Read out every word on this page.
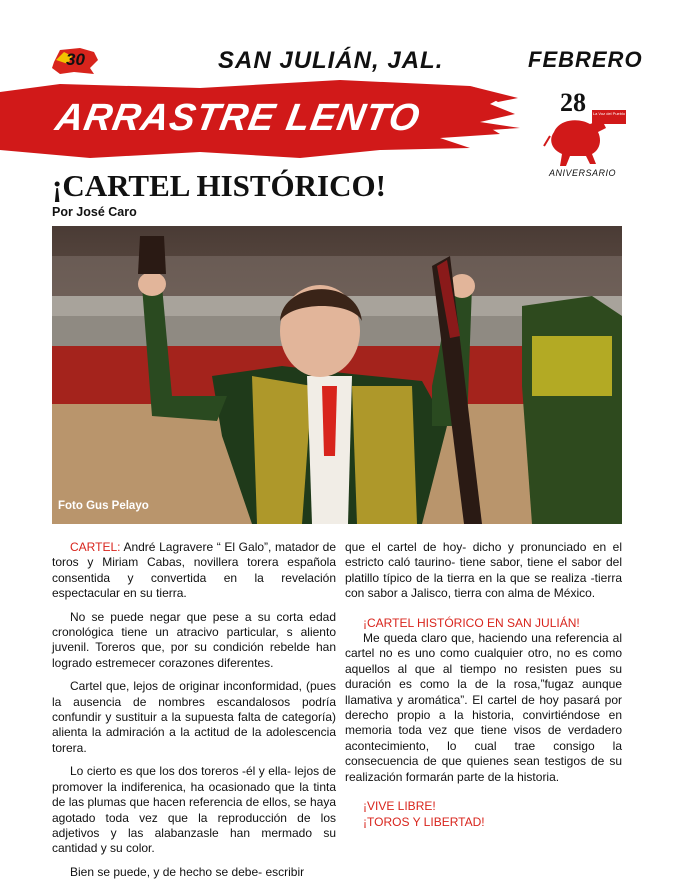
30	SAN JULIÁN, JAL.	FEBRERO
ARRASTRE LENTO	28 La Voz del Pueblo
ANIVERSARIO
¡CARTEL HISTÓRICO!
Por José Caro
Foto Gus Pelayo

CARTEL: André Lagravere “ El Galo”, matador de toros y Miriam Cabas, novillera torera española consentida y convertida en la revelación espectacular en su tierra.

No se puede negar que pese a su corta edad cronológica tiene un atracivo particular, s aliento juvenil. Toreros que, por su condición rebelde han logrado estremecer corazones diferentes.

Cartel que, lejos de originar inconformidad, (pues la ausencia de nombres escandalosos podría confundir y sustituir a la supuesta falta de categoría) alienta la admiración a la actitud de la adolescencia torera.

Lo cierto es que los dos toreros -él y ella- lejos de promover la indiferenica, ha ocasionado que la tinta de las plumas que hacen referencia de ellos, se haya agotado toda vez que la reproducción de los adjetivos y las alabanzasle han mermado su cantidad y su color.

Bien se puede, y de hecho se debe- escribir

que el cartel de hoy- dicho y pronunciado en el estricto caló taurino- tiene sabor, tiene el sabor del platillo típico de la tierra en la que se realiza -tierra con sabor a Jalisco, tierra con alma de México.

¡CARTEL HISTÓRICO EN SAN JULIÁN!

Me queda claro que, haciendo una referencia al cartel no es uno como cualquier otro, no es como aquellos al que al tiempo no resisten pues su duración es como la de la rosa,”fugaz aunque llamativa y aromática”. El cartel de hoy pasará por derecho propio a la historia, convirtiéndose en memoria toda vez que tiene visos de verdadero acontecimiento, lo cual trae consigo la consecuencia de que quienes sean testigos de su realización formarán parte de la historia.

¡VIVE LIBRE!

¡TOROS Y LIBERTAD!
